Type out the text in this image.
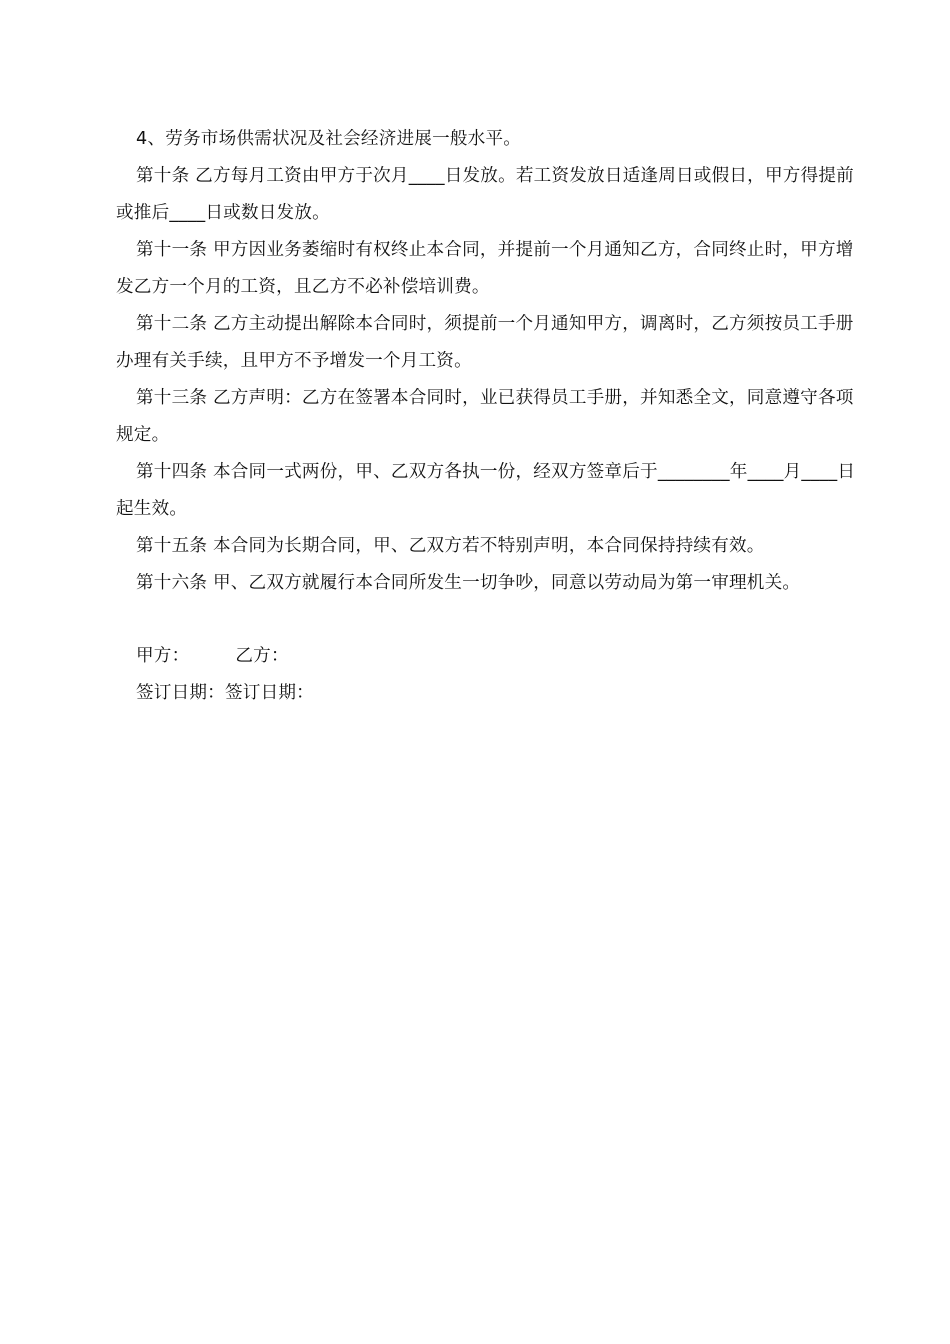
4、劳务市场供需状况及社会经济进展一般水平。

第十条 乙方每月工资由甲方于次月____日发放。若工资发放日适逢周日或假日，甲方得提前或推后____日或数日发放。

第十一条 甲方因业务萎缩时有权终止本合同，并提前一个月通知乙方，合同终止时，甲方增发乙方一个月的工资，且乙方不必补偿培训费。

第十二条 乙方主动提出解除本合同时，须提前一个月通知甲方，调离时，乙方须按员工手册办理有关手续，且甲方不予增发一个月工资。

第十三条 乙方声明：乙方在签署本合同时，业已获得员工手册，并知悉全文，同意遵守各项规定。

第十四条 本合同一式两份，甲、乙双方各执一份，经双方签章后于________年____月____日起生效。

第十五条 本合同为长期合同，甲、乙双方若不特别声明，本合同保持持续有效。

第十六条 甲、乙双方就履行本合同所发生一切争吵，同意以劳动局为第一审理机关。

甲方：	乙方：

签订日期：签订日期：
